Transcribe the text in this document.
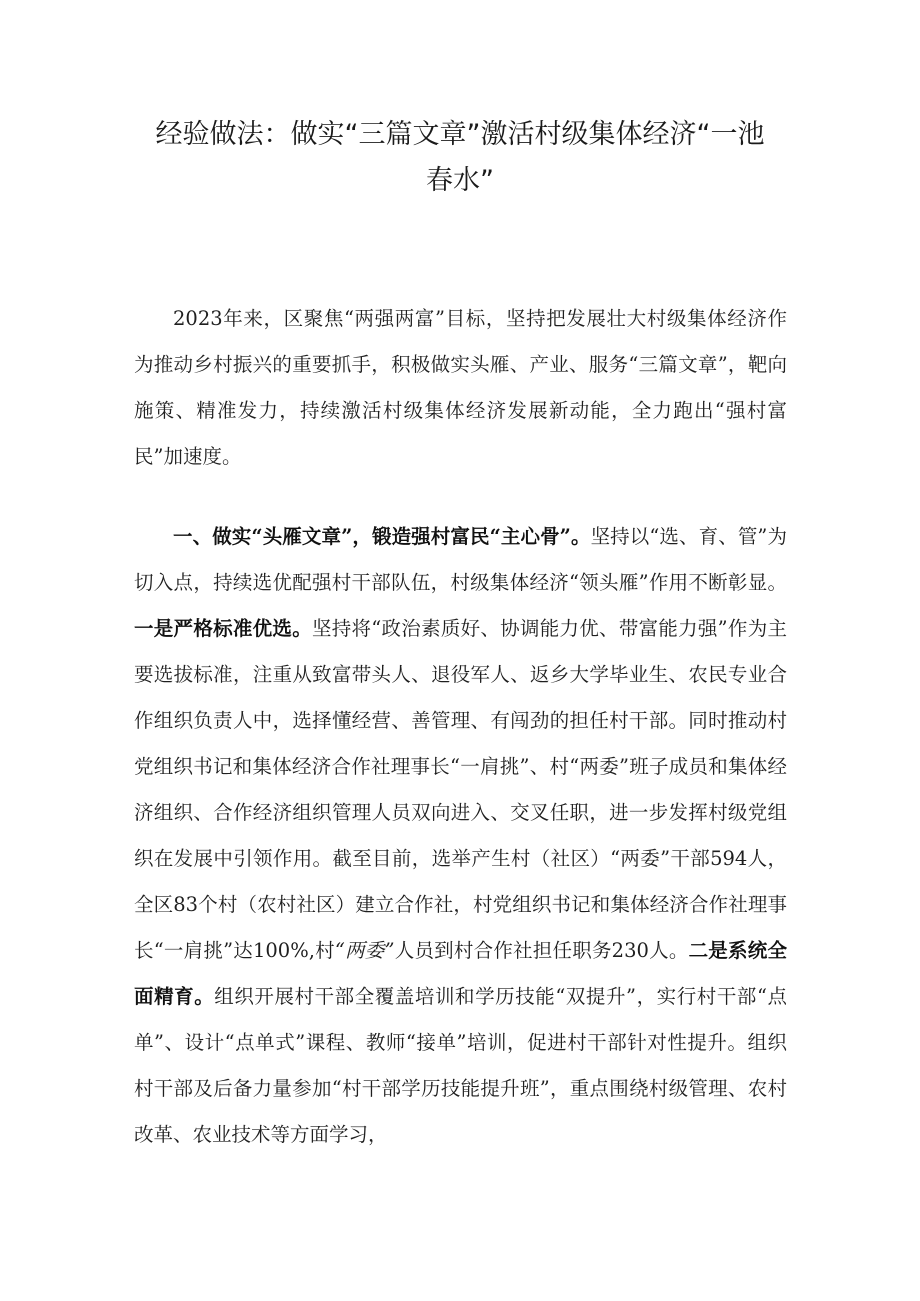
经验做法：做实“三篇文章”激活村级集体经济“一池春水”

2023年来，区聚焦“两强两富”目标，坚持把发展壮大村级集体经济作为推动乡村振兴的重要抓手，积极做实头雁、产业、服务“三篇文章”，靶向施策、精准发力，持续激活村级集体经济发展新动能，全力跑出“强村富民”加速度。

一、做实“头雁文章”，锻造强村富民“主心骨”。坚持以“选、育、管”为切入点，持续选优配强村干部队伍，村级集体经济“领头雁”作用不断彰显。一是严格标准优选。坚持将“政治素质好、协调能力优、带富能力强”作为主要选拔标准，注重从致富带头人、退役军人、返乡大学毕业生、农民专业合作组织负责人中，选择懂经营、善管理、有闯劲的担任村干部。同时推动村党组织书记和集体经济合作社理事长“一肩挑”、村“两委”班子成员和集体经济组织、合作经济组织管理人员双向进入、交叉任职，进一步发挥村级党组织在发展中引领作用。截至目前，选举产生村（社区）“两委”干部594人，全区83个村（农村社区）建立合作社，村党组织书记和集体经济合作社理事长“一肩挑”达100%,村“两委”人员到村合作社担任职务230人。二是系统全面精育。组织开展村干部全覆盖培训和学历技能“双提升”，实行村干部“点单”、设计“点单式”课程、教师“接单”培训，促进村干部针对性提升。组织村干部及后备力量参加“村干部学历技能提升班”，重点围绕村级管理、农村改革、农业技术等方面学习，
